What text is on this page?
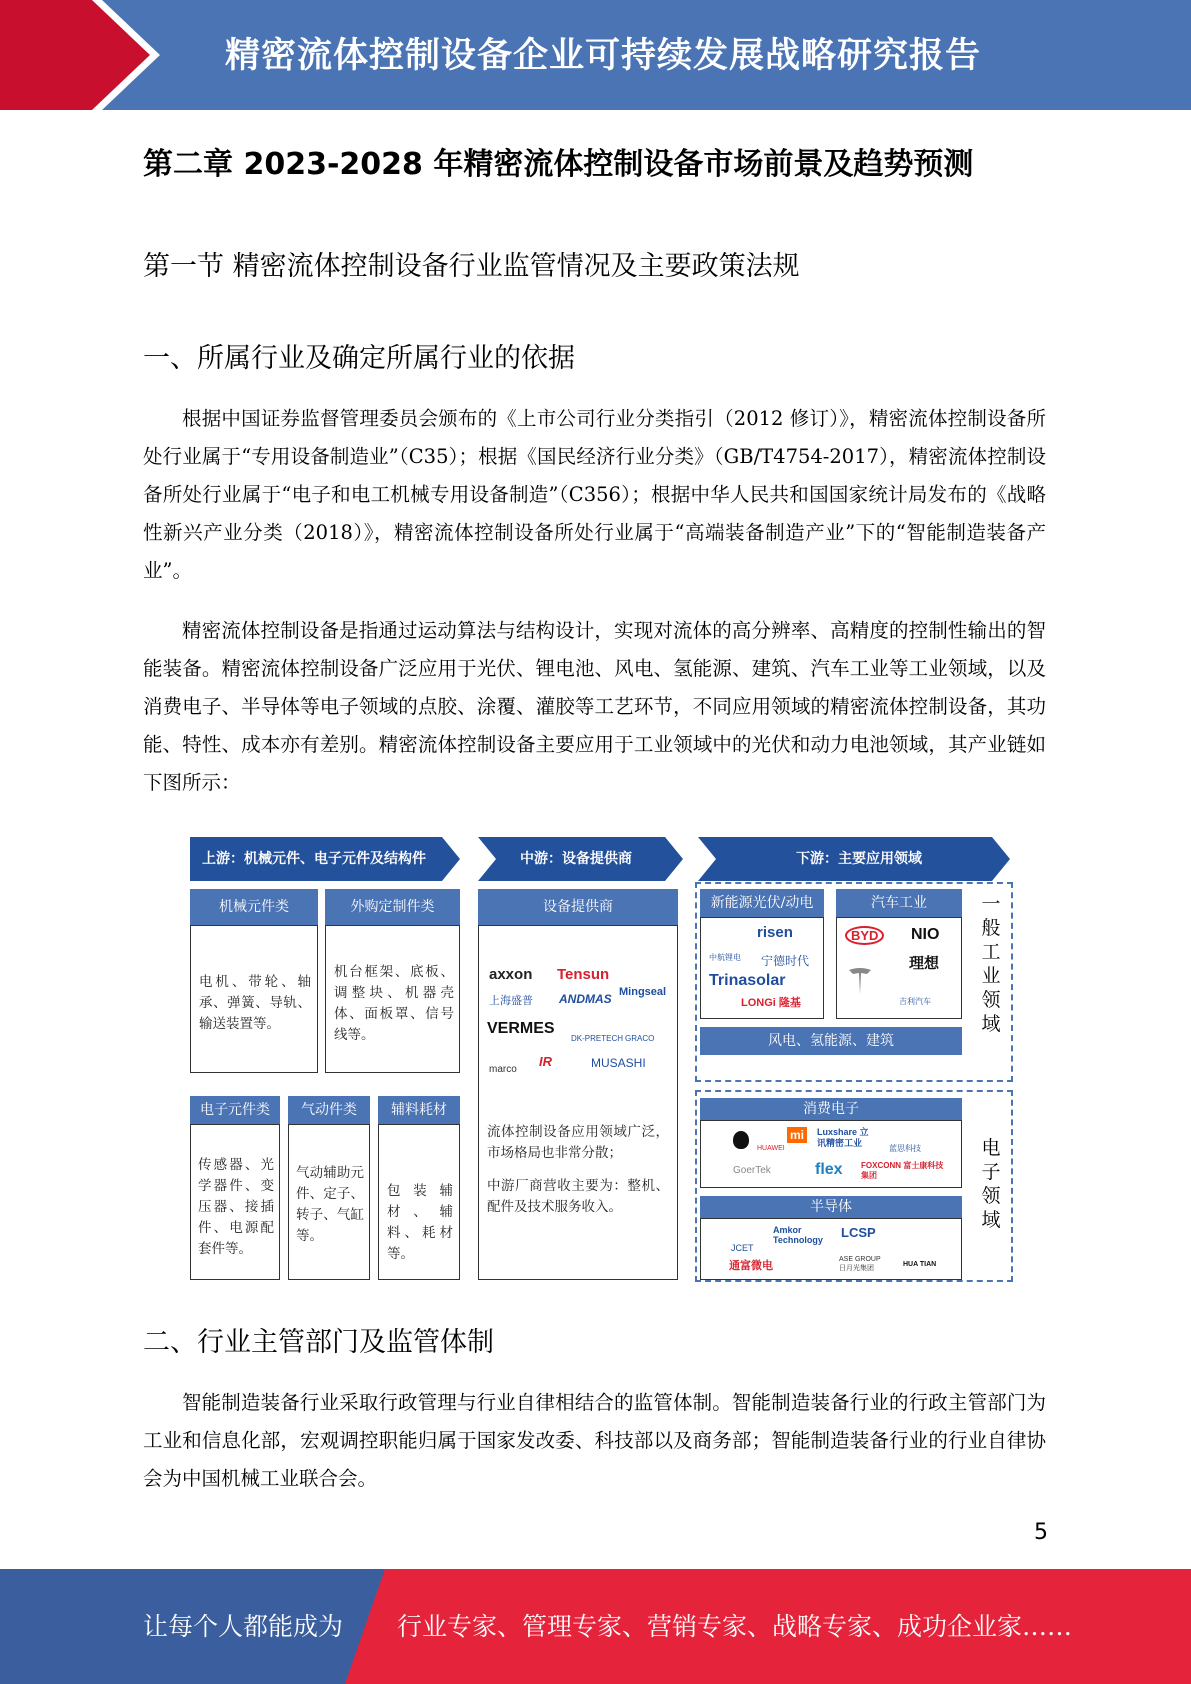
精密流体控制设备企业可持续发展战略研究报告
第二章 2023-2028 年精密流体控制设备市场前景及趋势预测
第一节 精密流体控制设备行业监管情况及主要政策法规
一、所属行业及确定所属行业的依据
根据中国证券监督管理委员会颁布的《上市公司行业分类指引（2012 修订）》，精密流体控制设备所处行业属于“专用设备制造业”（C35）；根据《国民经济行业分类》（GB/T4754-2017），精密流体控制设备所处行业属于“电子和电工机械专用设备制造”（C356）；根据中华人民共和国国家统计局发布的《战略性新兴产业分类（2018）》，精密流体控制设备所处行业属于“高端装备制造产业”下的“智能制造装备产业”。
精密流体控制设备是指通过运动算法与结构设计，实现对流体的高分辨率、高精度的控制性输出的智能装备。精密流体控制设备广泛应用于光伏、锂电池、风电、氢能源、建筑、汽车工业等工业领域，以及消费电子、半导体等电子领域的点胶、涂覆、灌胶等工艺环节，不同应用领域的精密流体控制设备，其功能、特性、成本亦有差别。精密流体控制设备主要应用于工业领域中的光伏和动力电池领域，其产业链如下图所示：
上游：机械元件、电子元件及结构件	中游：设备提供商	下游：主要应用领域
机械元件类
电机、带轮、轴承、弹簧、导轨、输送装置等。
外购定制件类
机台框架、底板、调整块、机器壳体、面板罩、信号线等。
电子元件类
传感器、光学器件、变压器、接插件、电源配套件等。
气动件类
气动辅助元件、定子、转子、气缸等。
辅料耗材
包装辅材、辅料、耗材等。
设备提供商
axxon Tensun
Mingseal
上海盛普 ANDMAS
VERMES
DK-PRETECH GRACO
marco
IR	MUSASHI
流体控制设备应用领域广泛，市场格局也非常分散；
中游厂商营收主要为：整机、配件及技术服务收入。
新能源光伏/动电
中航锂电
risen
宁德时代
Trinasolar
LONGi 隆基
汽车工业
BYD	NIO
理想
吉利汽车
风电、氢能源、建筑
一般工业领域
消费电子
HUAWEI
mi	Luxshare 立讯精密工业
蓝思科技
GoerTek	flex FOXCONN 富士康科技集团
半导体
JCET
Amkor Technology LCSP
通富微电
ASE GROUP 日月光集团
HUA TIAN
电子领域
二、行业主管部门及监管体制
智能制造装备行业采取行政管理与行业自律相结合的监管体制。智能制造装备行业的行政主管部门为工业和信息化部，宏观调控职能归属于国家发改委、科技部以及商务部；智能制造装备行业的行业自律协会为中国机械工业联合会。
5
让每个人都能成为 行业专家、管理专家、营销专家、战略专家、成功企业家……
